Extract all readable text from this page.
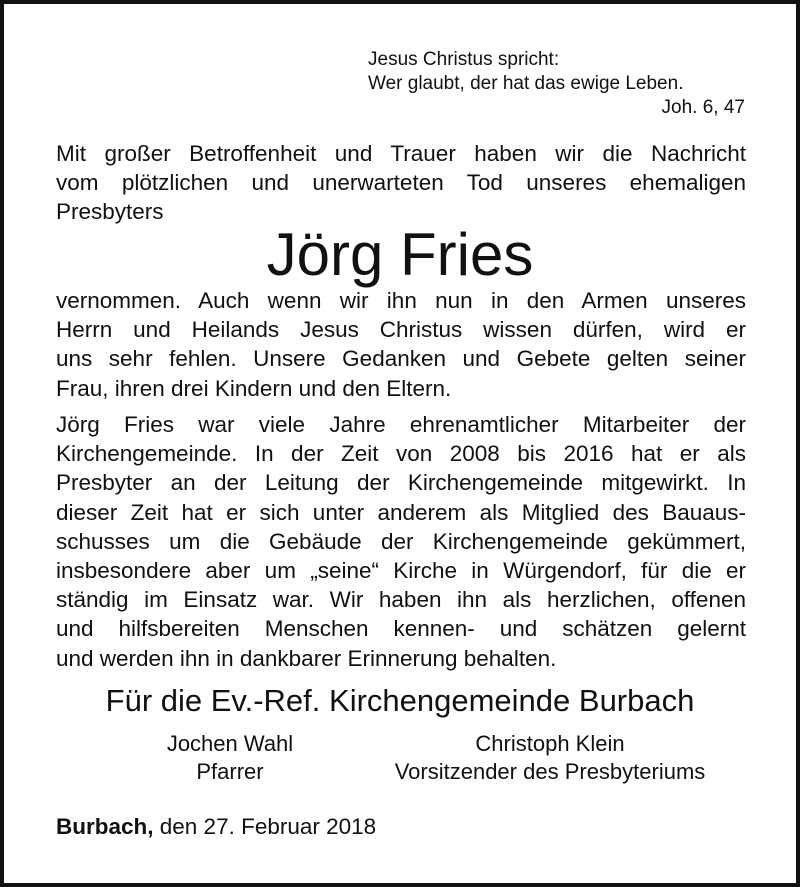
Jesus Christus spricht:
Wer glaubt, der hat das ewige Leben.
Joh. 6, 47
Mit großer Betroffenheit und Trauer haben wir die Nachricht
vom plötzlichen und unerwarteten Tod unseres ehemaligen
Presbyters
Jörg Fries
vernommen. Auch wenn wir ihn nun in den Armen unseres
Herrn und Heilands Jesus Christus wissen dürfen, wird er
uns sehr fehlen. Unsere Gedanken und Gebete gelten seiner
Frau, ihren drei Kindern und den Eltern.
Jörg Fries war viele Jahre ehrenamtlicher Mitarbeiter der
Kirchengemeinde. In der Zeit von 2008 bis 2016 hat er als
Presbyter an der Leitung der Kirchengemeinde mitgewirkt. In
dieser Zeit hat er sich unter anderem als Mitglied des Bauaus-
schusses um die Gebäude der Kirchengemeinde gekümmert,
insbesondere aber um „seine“ Kirche in Würgendorf, für die er
ständig im Einsatz war. Wir haben ihn als herzlichen, offenen
und hilfsbereiten Menschen kennen- und schätzen gelernt
und werden ihn in dankbarer Erinnerung behalten.
Für die Ev.-Ref. Kirchengemeinde Burbach
Jochen Wahl
Pfarrer
Christoph Klein
Vorsitzender des Presbyteriums
Burbach, den 27. Februar 2018
